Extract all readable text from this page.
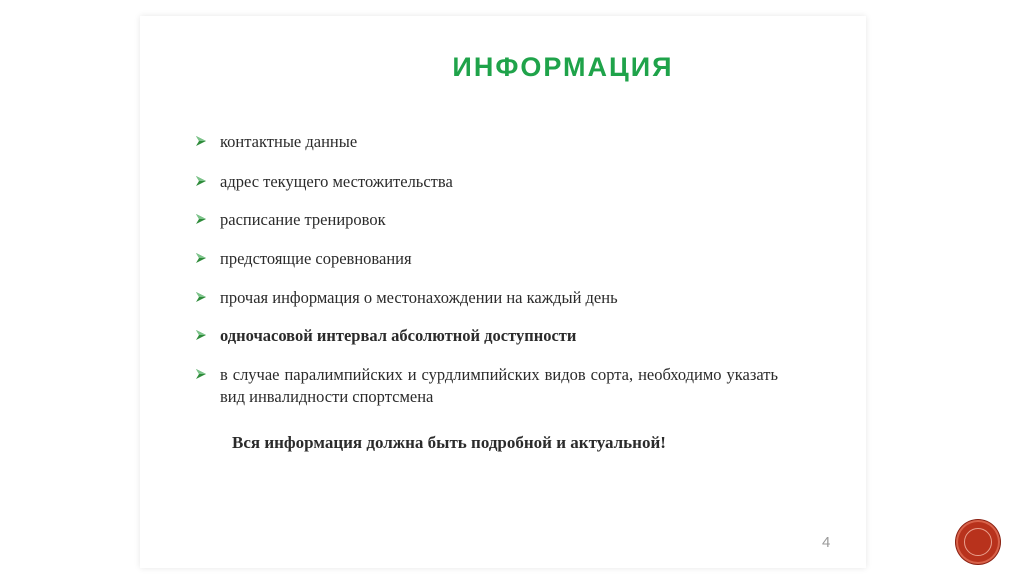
ИНФОРМАЦИЯ
контактные данные
адрес текущего местожительства
расписание тренировок
предстоящие соревнования
прочая информация о местонахождении на каждый день
одночасовой интервал абсолютной доступности
в случае паралимпийских и сурдлимпийских видов сорта, необходимо указать вид инвалидности спортсмена
Вся информация должна быть подробной и актуальной!
4
